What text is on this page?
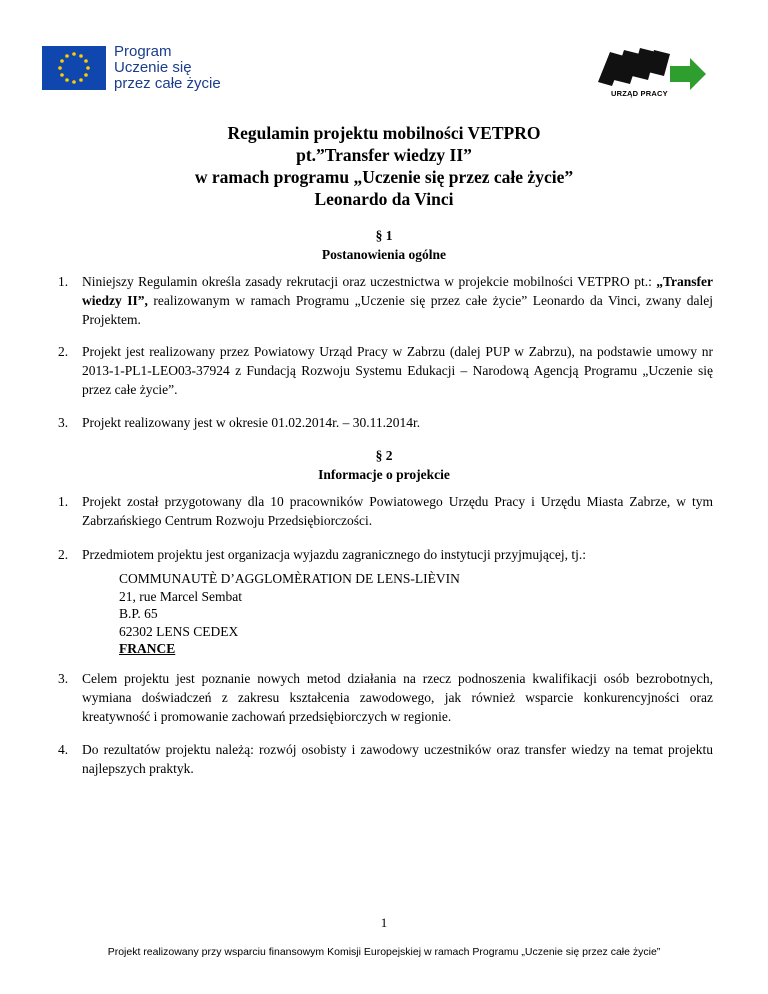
Program
Uczenie się
przez całe życie
URZĄD PRACY
Regulamin projektu mobilności VETPRO
pt.”Transfer wiedzy II”
w ramach programu „Uczenie się przez całe życie”
Leonardo da Vinci
§ 1
Postanowienia ogólne
1. Niniejszy Regulamin określa zasady rekrutacji oraz uczestnictwa w projekcie mobilności VETPRO pt.: „Transfer wiedzy II”, realizowanym w ramach Programu „Uczenie się przez całe życie” Leonardo da Vinci, zwany dalej Projektem.
2. Projekt jest realizowany przez Powiatowy Urząd Pracy w Zabrzu (dalej PUP w Zabrzu), na podstawie umowy nr 2013-1-PL1-LEO03-37924 z Fundacją Rozwoju Systemu Edukacji – Narodową Agencją Programu „Uczenie się przez całe życie”.
3. Projekt realizowany jest w okresie 01.02.2014r. – 30.11.2014r.
§ 2
Informacje o projekcie
1. Projekt został przygotowany dla 10 pracowników Powiatowego Urzędu Pracy i Urzędu Miasta Zabrze, w tym Zabrzańskiego Centrum Rozwoju Przedsiębiorczości.
2. Przedmiotem projektu jest organizacja wyjazdu zagranicznego do instytucji przyjmującej, tj.:
COMMUNAUTÈ D’AGGLOMÈRATION DE LENS-LIÈVIN
21, rue Marcel Sembat
B.P. 65
62302 LENS CEDEX
FRANCE
3. Celem projektu jest poznanie nowych metod działania na rzecz podnoszenia kwalifikacji osób bezrobotnych, wymiana doświadczeń z zakresu kształcenia zawodowego, jak również wsparcie konkurencyjności oraz kreatywność i promowanie zachowań przedsiębiorczych w regionie.
4. Do rezultatów projektu należą: rozwój osobisty i zawodowy uczestników oraz transfer wiedzy na temat projektu najlepszych praktyk.
1
Projekt realizowany przy wsparciu finansowym Komisji Europejskiej w ramach Programu „Uczenie się przez całe życie”
